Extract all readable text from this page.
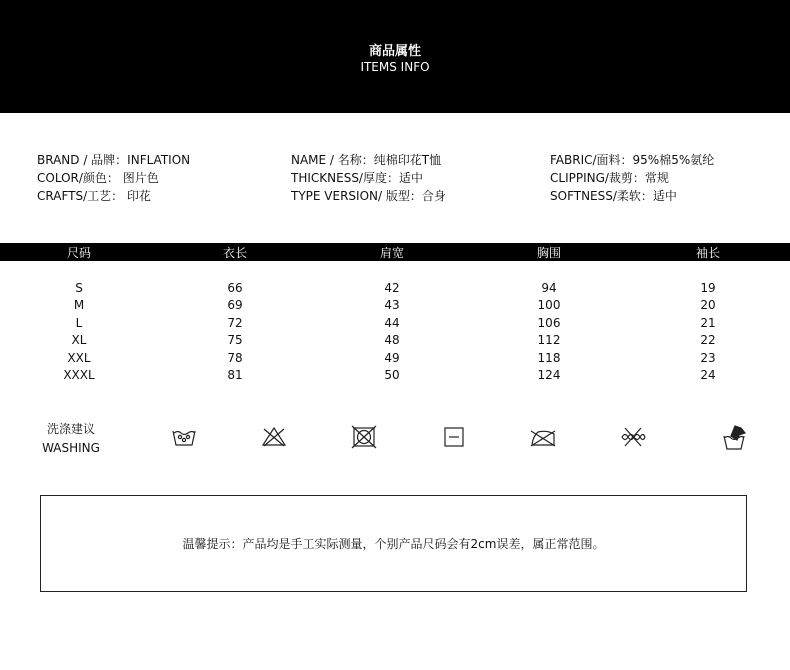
商品属性
ITEMS INFO
BRAND / 品牌：INFLATION
COLOR/颜色： 图片色
CRAFTS/工艺： 印花
NAME / 名称：纯棉印花T恤
THICKNESS/厚度：适中
TYPE VERSION/ 版型：合身
FABRIC/面料：95%棉5%氨纶
CLIPPING/裁剪：常规
SOFTNESS/柔软：适中
尺码	衣长	肩宽	胸围	袖长
S	66	42	94	19
M	69	43	100	20
L	72	44	106	21
XL	75	48	112	22
XXL	78	49	118	23
XXXL	81	50	124	24
洗涤建议
WASHING
温馨提示：产品均是手工实际测量，个别产品尺码会有2cm误差，属正常范围。
